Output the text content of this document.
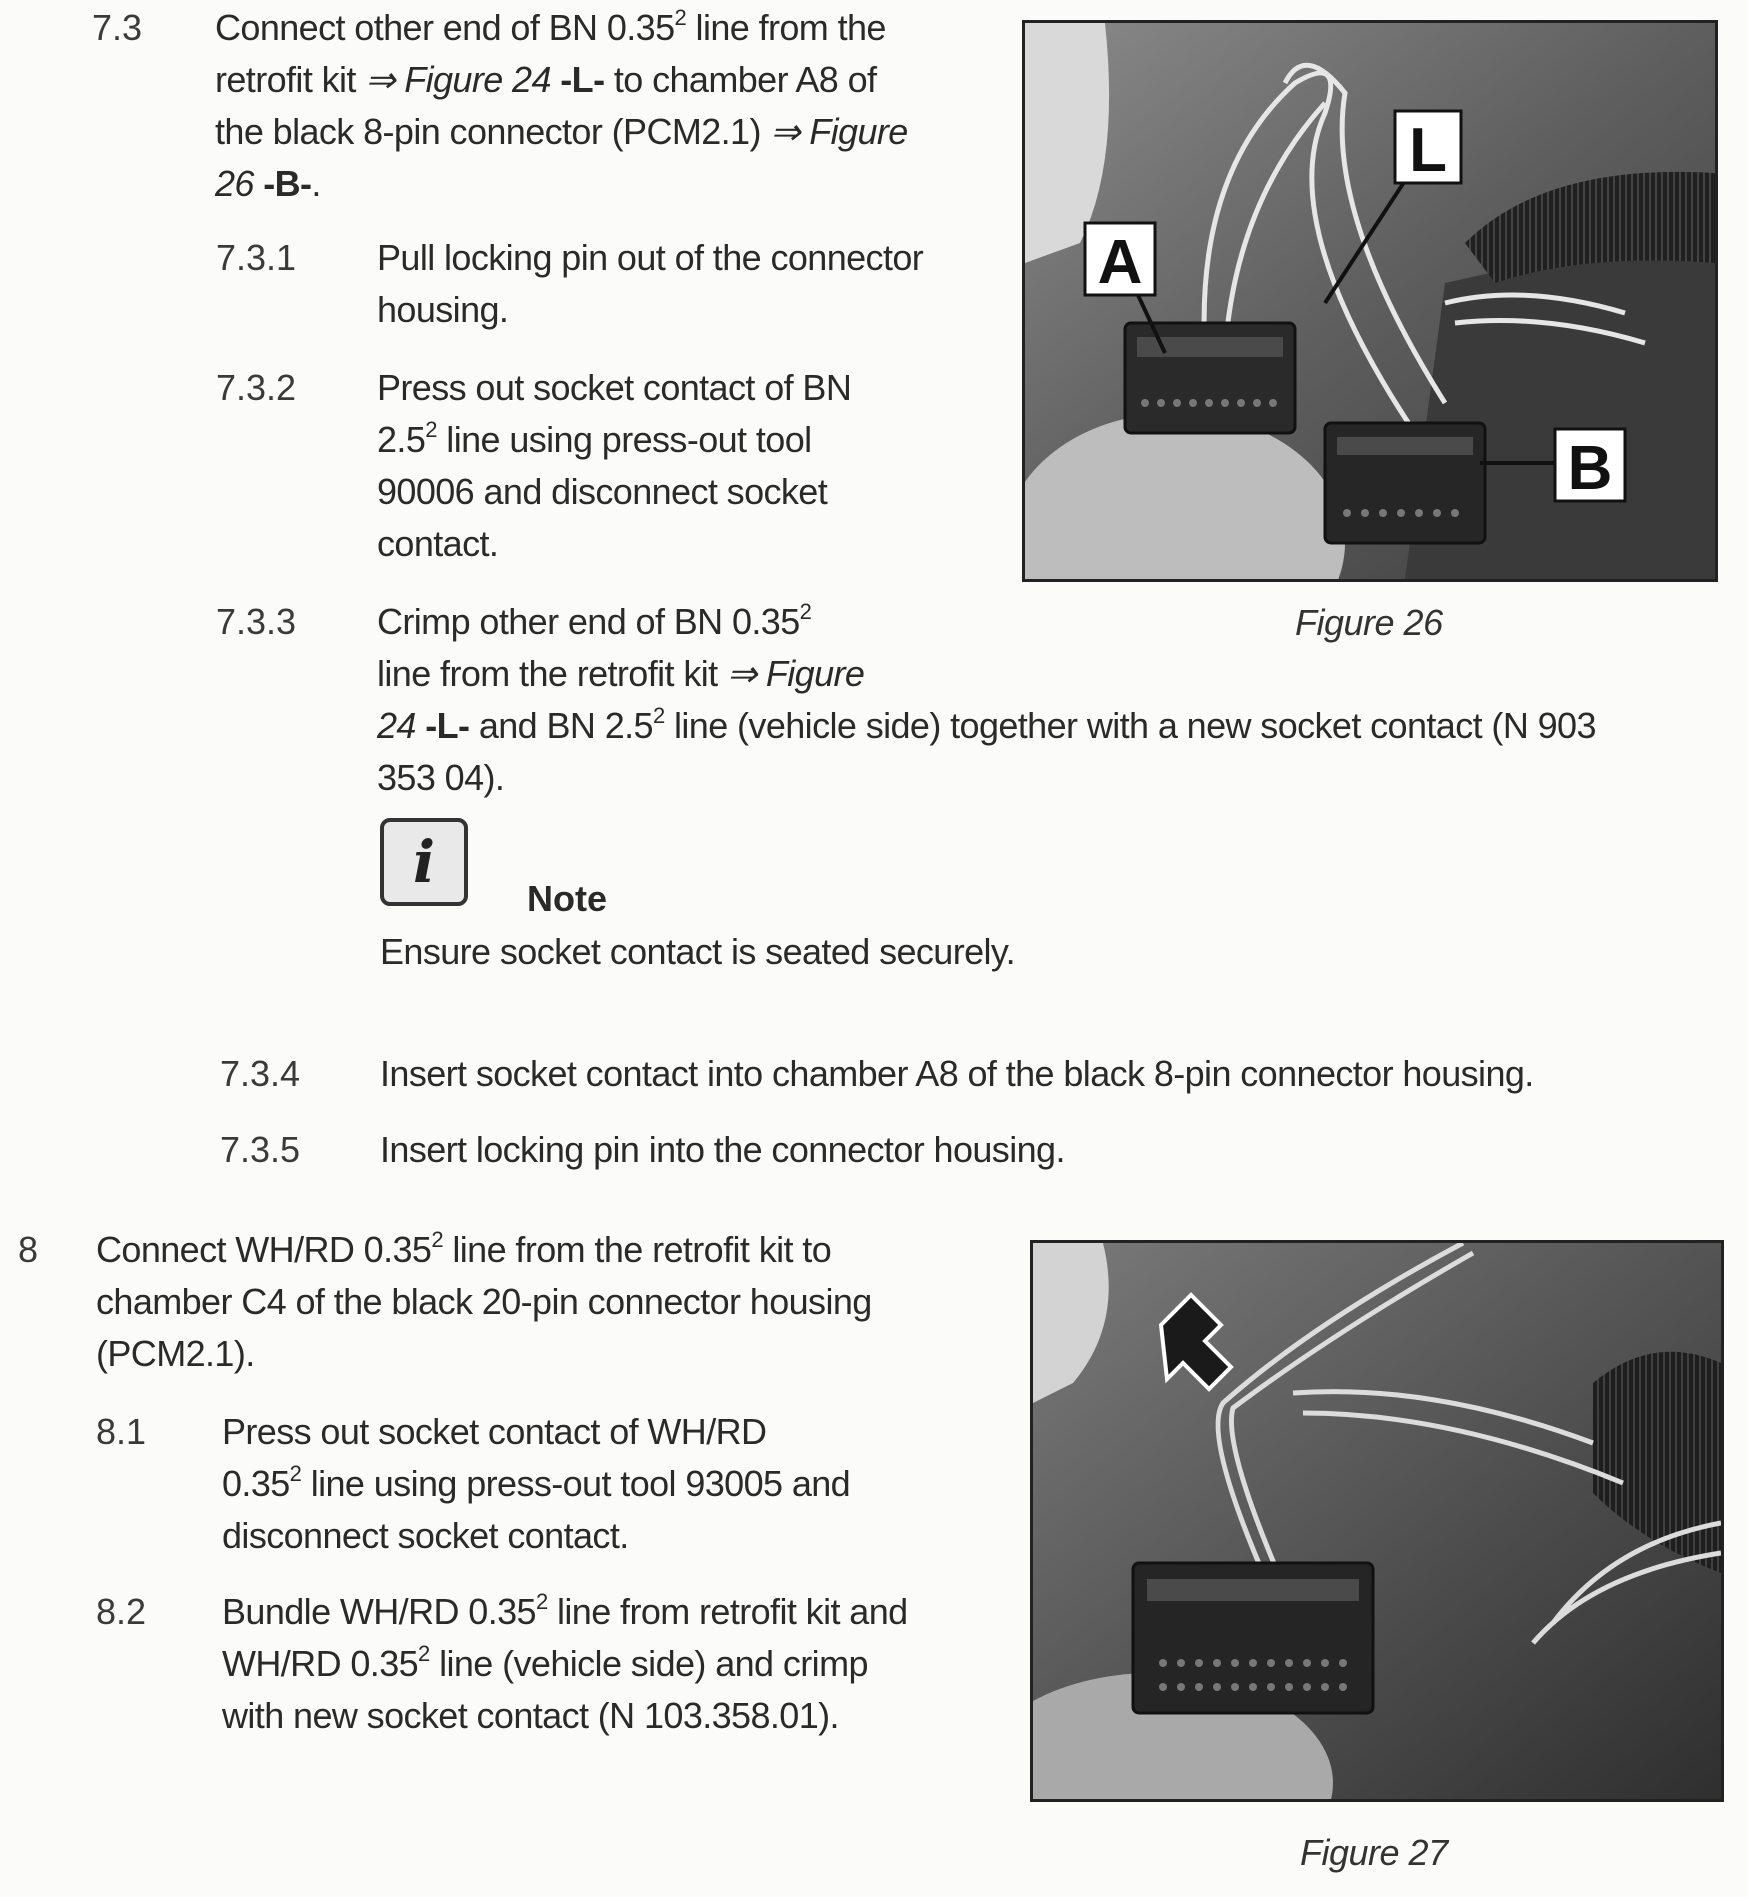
7.3 Connect other end of BN 0.35$^2$ line from the
retrofit kit ⇒ Figure 24 -L- to chamber A8 of
the black 8-pin connector (PCM2.1) ⇒ Figure
26 -B-.
7.3.1 Pull locking pin out of the connector
housing.
7.3.2 Press out socket contact of BN
$2.5^2$ line using press-out tool
90006 and disconnect socket
contact.
7.3.3 Crimp other end of BN 0.35$^2$
line from the retrofit kit ⇒ Figure
24 -L- and BN $2.5^2$ line (vehicle side) together with a new socket contact (N 903
353 04).
i
Note
Ensure socket contact is seated securely.
7.3.4 Insert socket contact into chamber A8 of the black 8-pin connector housing.
7.3.5 Insert locking pin into the connector housing.
8 Connect WH/RD 0.35$^2$ line from the retrofit kit to
chamber C4 of the black 20-pin connector housing
(PCM2.1).
8.1 Press out socket contact of WH/RD
0.35$^2$ line using press-out tool 93005 and
disconnect socket contact.
8.2 Bundle WH/RD 0.35$^2$ line from retrofit kit and
WH/RD 0.35$^2$ line (vehicle side) and crimp
with new socket contact (N 103.358.01).
A
L
B
Figure 26
Figure 27
